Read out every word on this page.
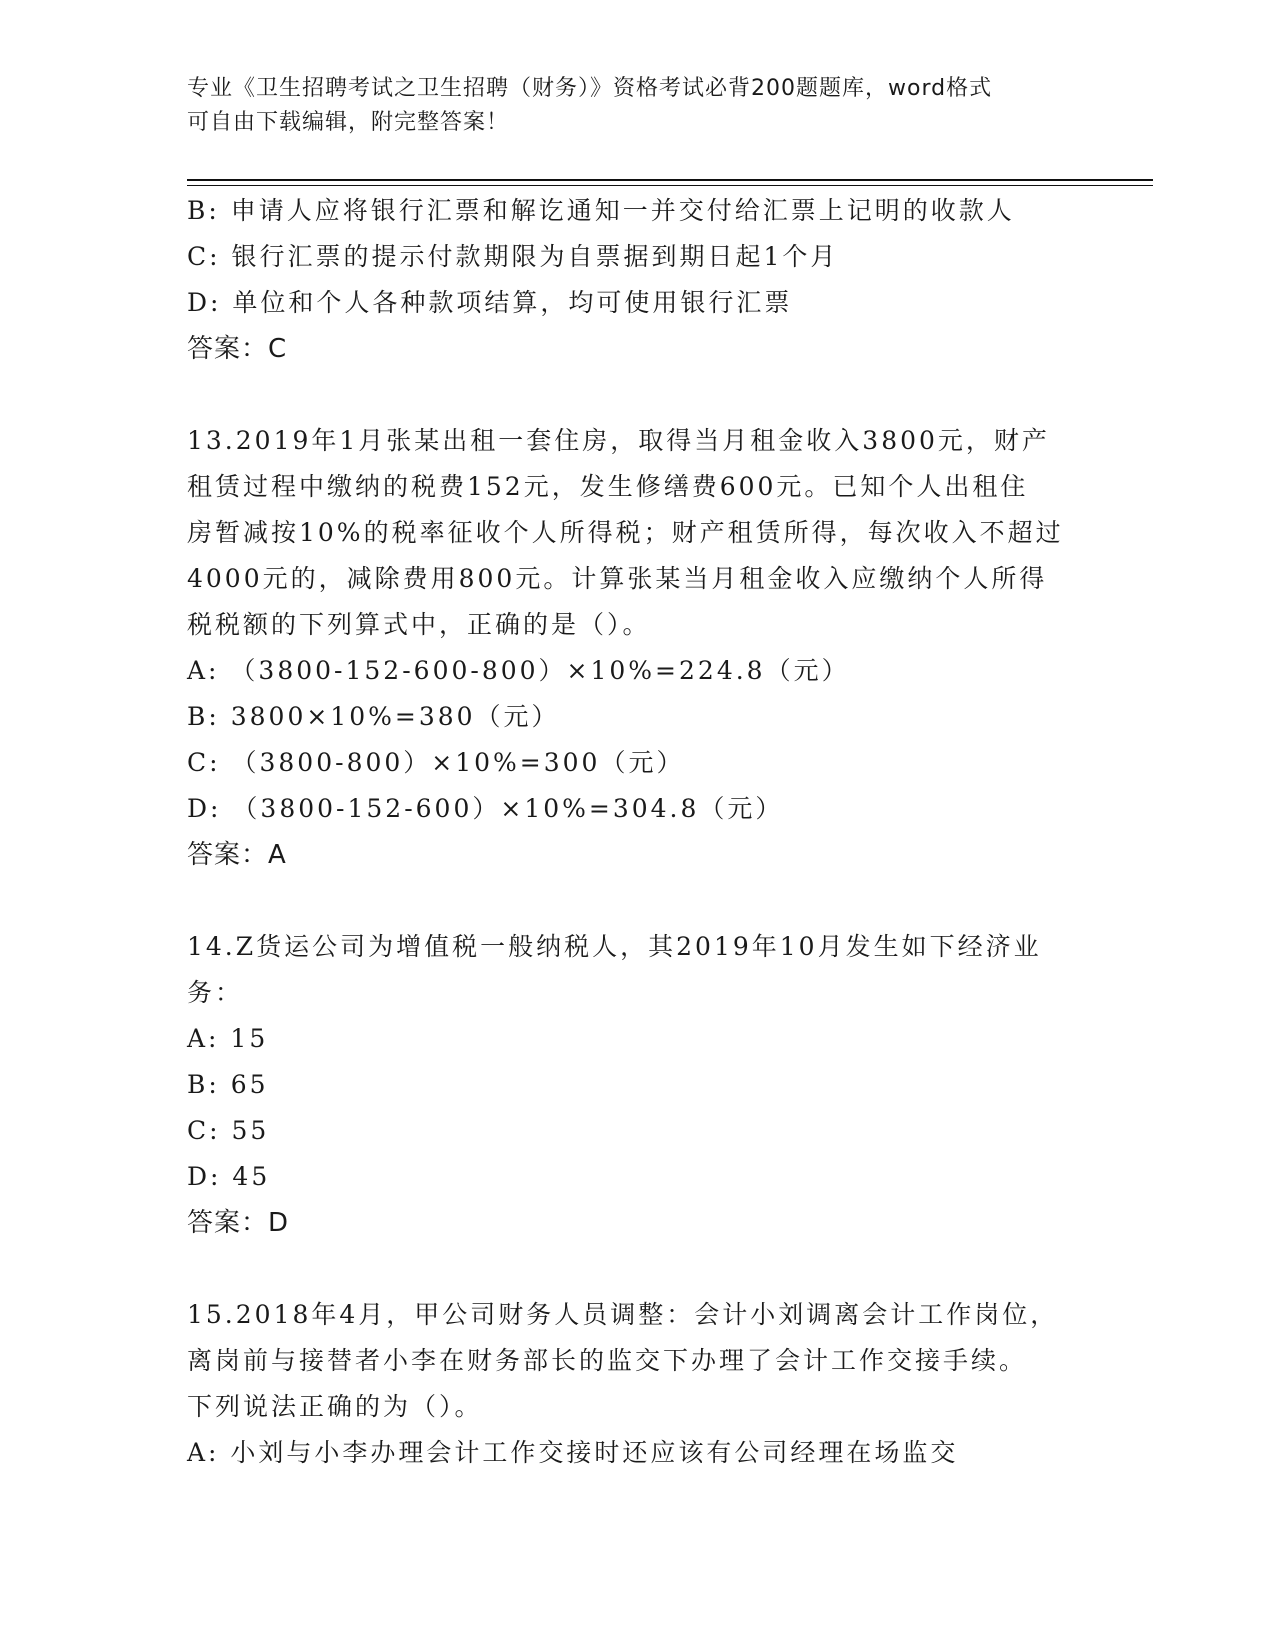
专业《卫生招聘考试之卫生招聘（财务）》资格考试必背200题题库，word格式
可自由下载编辑，附完整答案！
B: 申请人应将银行汇票和解讫通知一并交付给汇票上记明的收款人
C: 银行汇票的提示付款期限为自票据到期日起1个月
D: 单位和个人各种款项结算，均可使用银行汇票
答案：C
13.2019年1月张某出租一套住房，取得当月租金收入3800元，财产
租赁过程中缴纳的税费152元，发生修缮费600元。已知个人出租住
房暂减按10%的税率征收个人所得税；财产租赁所得，每次收入不超过
4000元的，减除费用800元。计算张某当月租金收入应缴纳个人所得
税税额的下列算式中，正确的是（）。
A: （3800-152-600-800）×10%=224.8（元）
B: 3800×10%=380（元）
C: （3800-800）×10%=300（元）
D: （3800-152-600）×10%=304.8（元）
答案：A
14.Z货运公司为增值税一般纳税人，其2019年10月发生如下经济业
务：
A: 15
B: 65
C: 55
D: 45
答案：D
15.2018年4月，甲公司财务人员调整：会计小刘调离会计工作岗位，
离岗前与接替者小李在财务部长的监交下办理了会计工作交接手续。
下列说法正确的为（）。
A: 小刘与小李办理会计工作交接时还应该有公司经理在场监交
